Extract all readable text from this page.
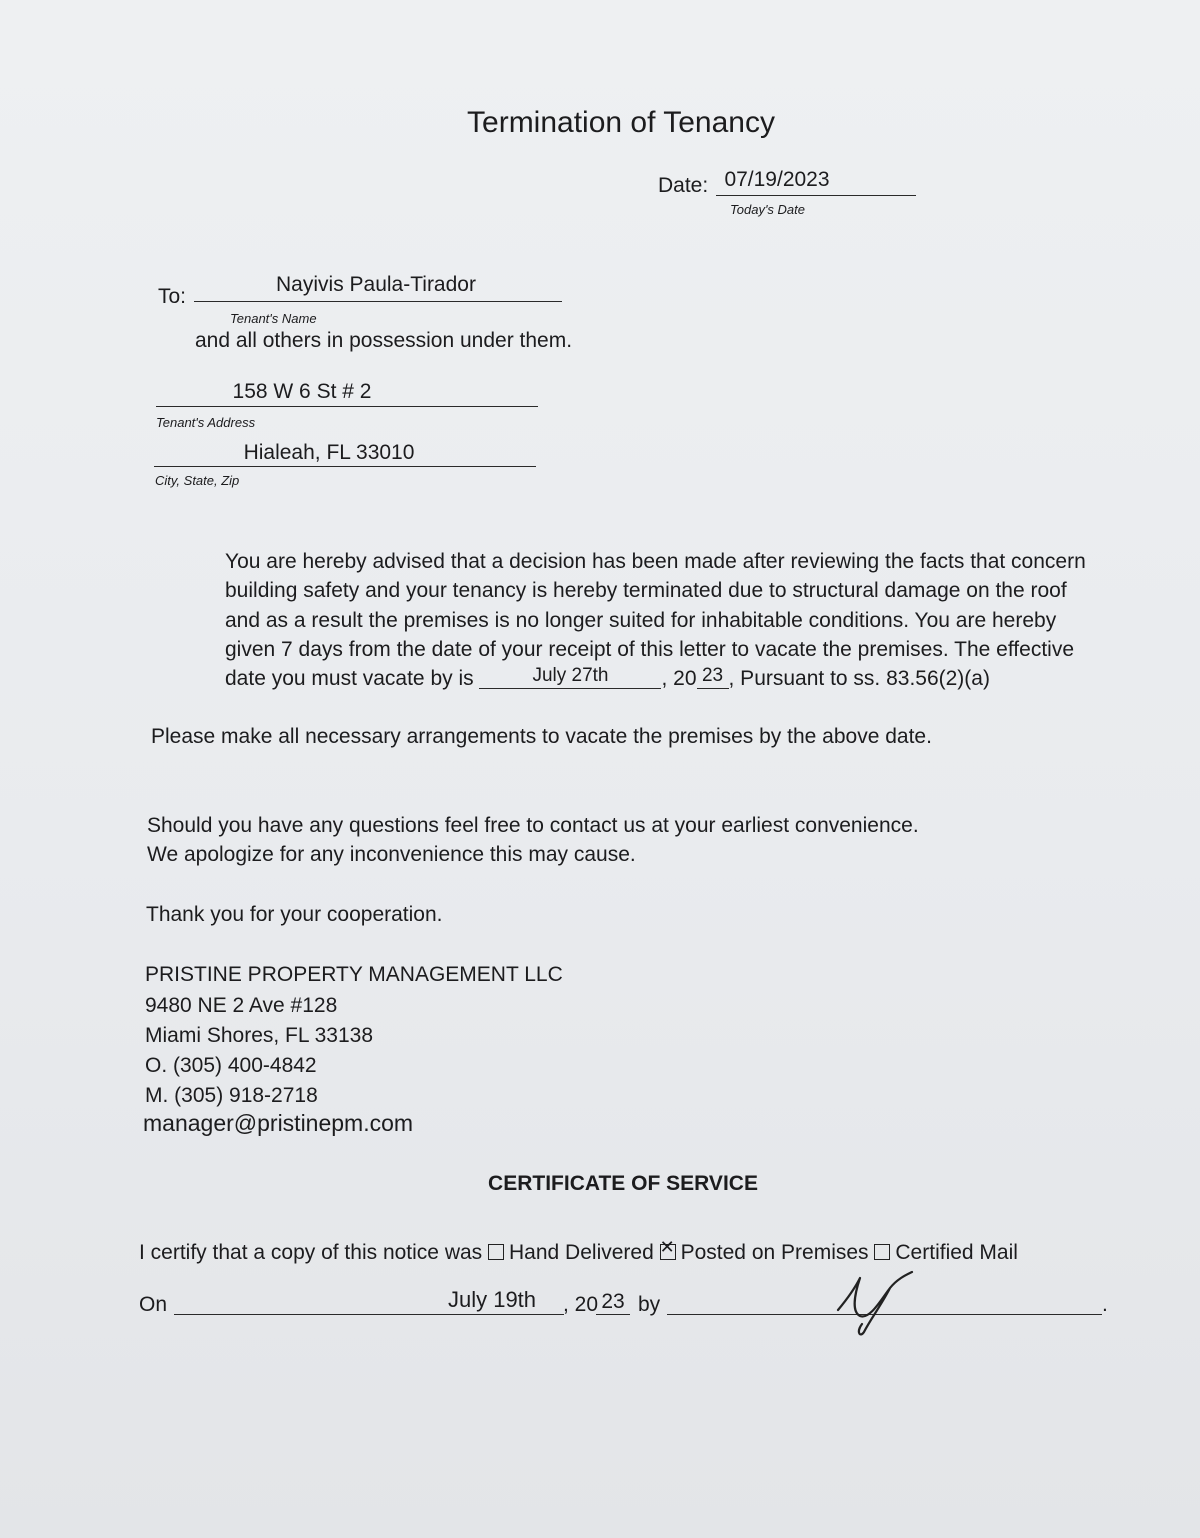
Termination of Tenancy
Date: 07/19/2023
Today's Date
To:
Nayivis Paula-Tirador
Tenant's Name
and all others in possession under them.
158 W 6 St # 2
Tenant's Address
Hialeah, FL 33010
City, State, Zip

You are hereby advised that a decision has been made after reviewing the facts that concern building safety and your tenancy is hereby terminated due to structural damage on the roof and as a result the premises is no longer suited for inhabitable conditions. You are hereby given 7 days from the date of your receipt of this letter to vacate the premises. The effective date you must vacate by is	July 27th	, 20 23 , Pursuant to ss. 83.56(2)(a)

Please make all necessary arrangements to vacate the premises by the above date.
Should you have any questions feel free to contact us at your earliest convenience.
We apologize for any inconvenience this may cause.
Thank you for your cooperation.
PRISTINE PROPERTY MANAGEMENT LLC
9480 NE 2 Ave #128
Miami Shores, FL 33138
O. (305) 400-4842
M. (305) 918-2718
manager@pristinepm.com
CERTIFICATE OF SERVICE
I certify that a copy of this notice was Hand Delivered ✕ Posted on Premises Certified Mail
On	July 19th	, 20 23 by	.
